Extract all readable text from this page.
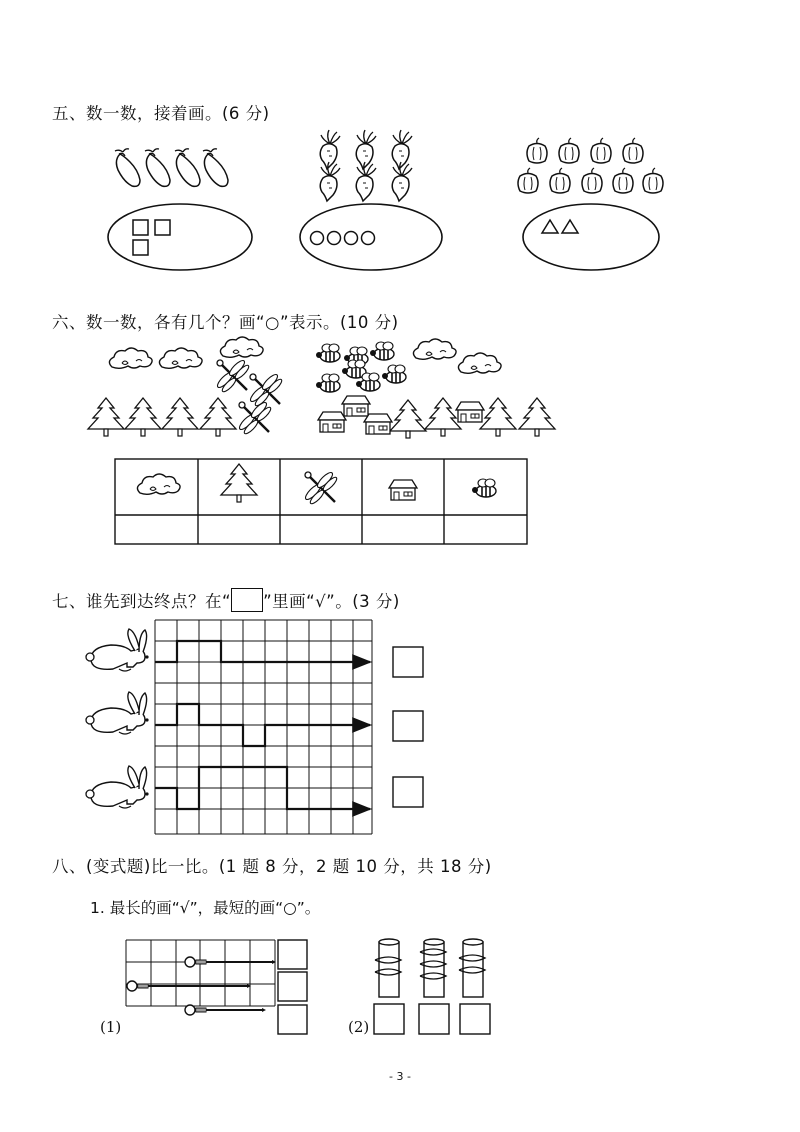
五、数一数，接着画。(6 分)
六、数一数，各有几个？画“○”表示。(10 分)
七、谁先到达终点？在“ ”里画“√”。(3 分)
八、(变式题)比一比。(1 题 8 分，2 题 10 分，共 18 分)
1. 最长的画“√”，最短的画“○”。
(1)	(2)
- 3 -
